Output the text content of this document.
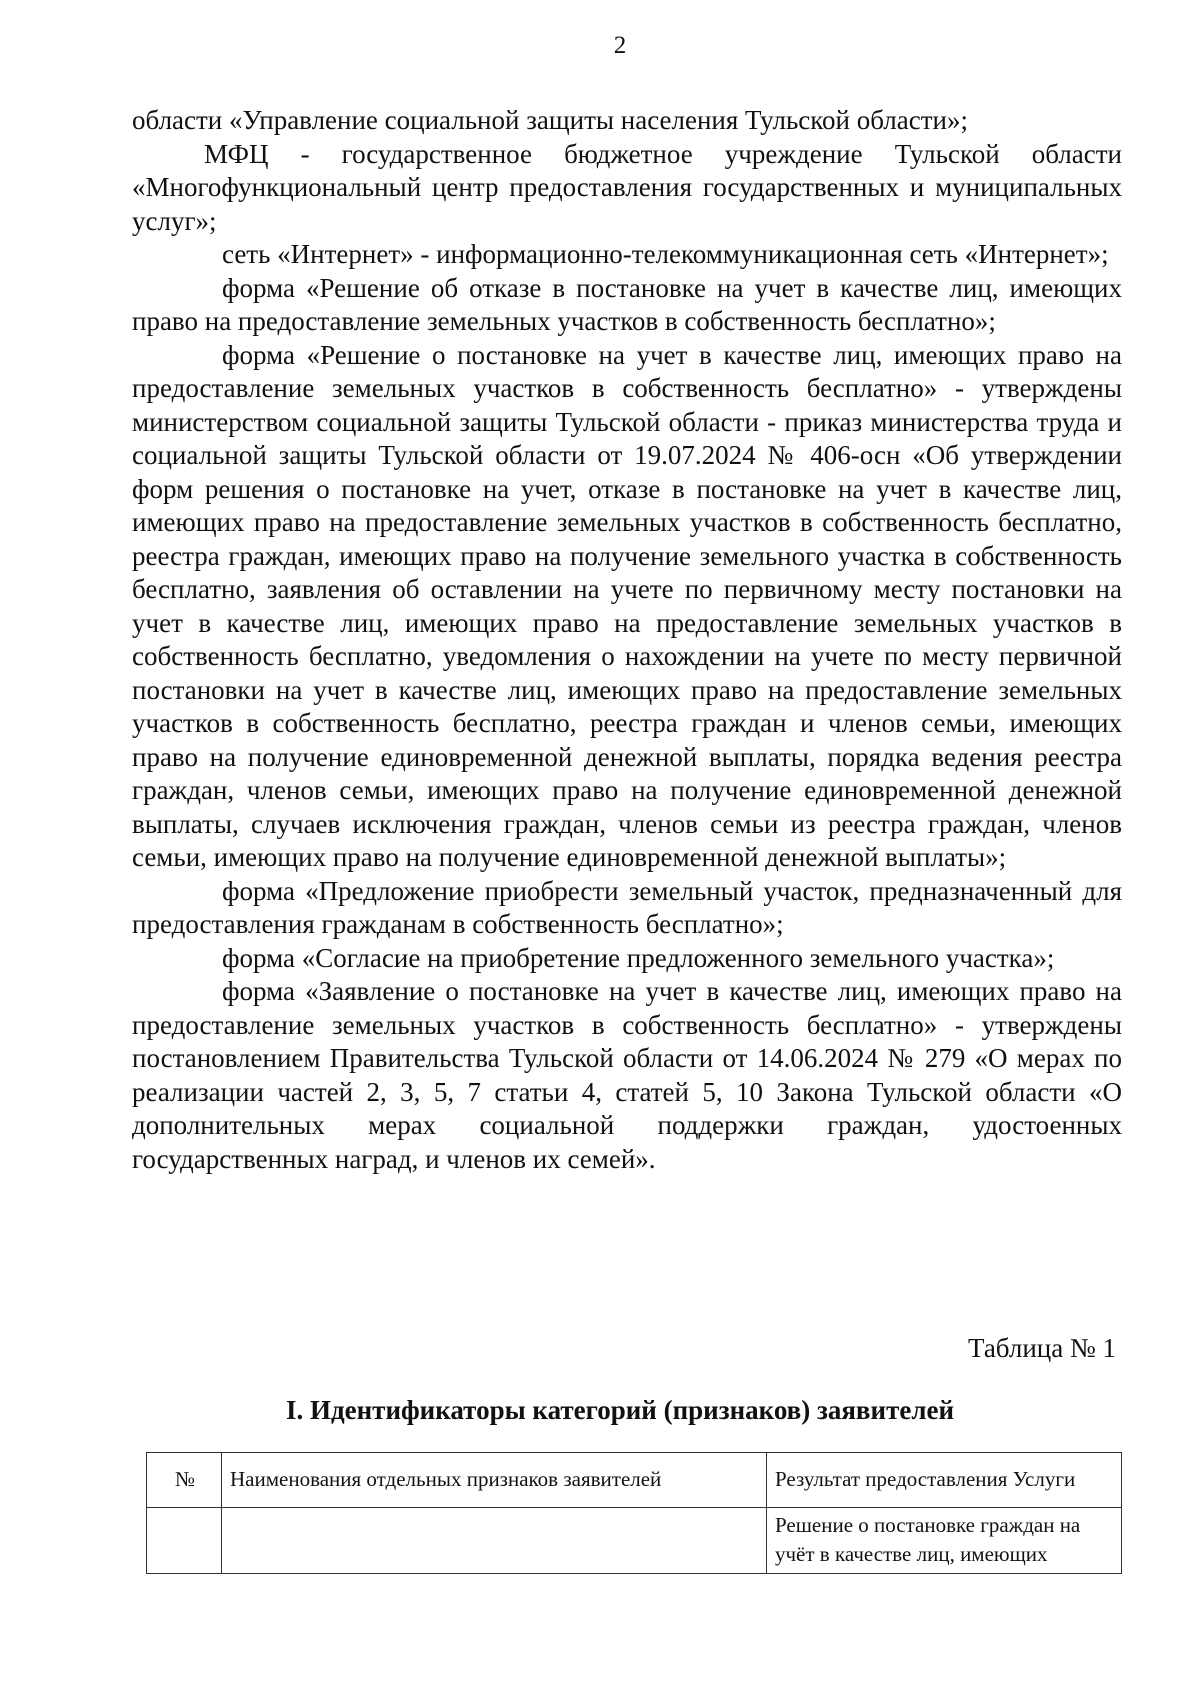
2

области «Управление социальной защиты населения Тульской области»;

МФЦ - государственное бюджетное учреждение Тульской области «Многофункциональный центр предоставления государственных и муниципальных услуг»;

сеть «Интернет» - информационно-телекоммуникационная сеть «Интернет»;

форма «Решение об отказе в постановке на учет в качестве лиц, имеющих право на предоставление земельных участков в собственность бесплатно»;

форма «Решение о постановке на учет в качестве лиц, имеющих право на предоставление земельных участков в собственность бесплатно» - утверждены министерством социальной защиты Тульской области - приказ министерства труда и социальной защиты Тульской области от 19.07.2024 № 406-осн «Об утверждении форм решения о постановке на учет, отказе в постановке на учет в качестве лиц, имеющих право на предоставление земельных участков в собственность бесплатно, реестра граждан, имеющих право на получение земельного участка в собственность бесплатно, заявления об оставлении на учете по первичному месту постановки на учет в качестве лиц, имеющих право на предоставление земельных участков в собственность бесплатно, уведомления о нахождении на учете по месту первичной постановки на учет в качестве лиц, имеющих право на предоставление земельных участков в собственность бесплатно, реестра граждан и членов семьи, имеющих право на получение единовременной денежной выплаты, порядка ведения реестра граждан, членов семьи, имеющих право на получение единовременной денежной выплаты, случаев исключения граждан, членов семьи из реестра граждан, членов семьи, имеющих право на получение единовременной денежной выплаты»;

форма «Предложение приобрести земельный участок, предназначенный для предоставления гражданам в собственность бесплатно»;

форма «Согласие на приобретение предложенного земельного участка»;

форма «Заявление о постановке на учет в качестве лиц, имеющих право на предоставление земельных участков в собственность бесплатно» - утверждены постановлением Правительства Тульской области от 14.06.2024 № 279 «О мерах по реализации частей 2, 3, 5, 7 статьи 4, статей 5, 10 Закона Тульской области «О дополнительных мерах социальной поддержки граждан, удостоенных государственных наград, и членов их семей».

Таблица № 1
I. Идентификаторы категорий (признаков) заявителей
№	Наименования отдельных признаков заявителей	Результат предоставления Услуги
		Решение о постановке граждан на учёт в качестве лиц, имеющих
